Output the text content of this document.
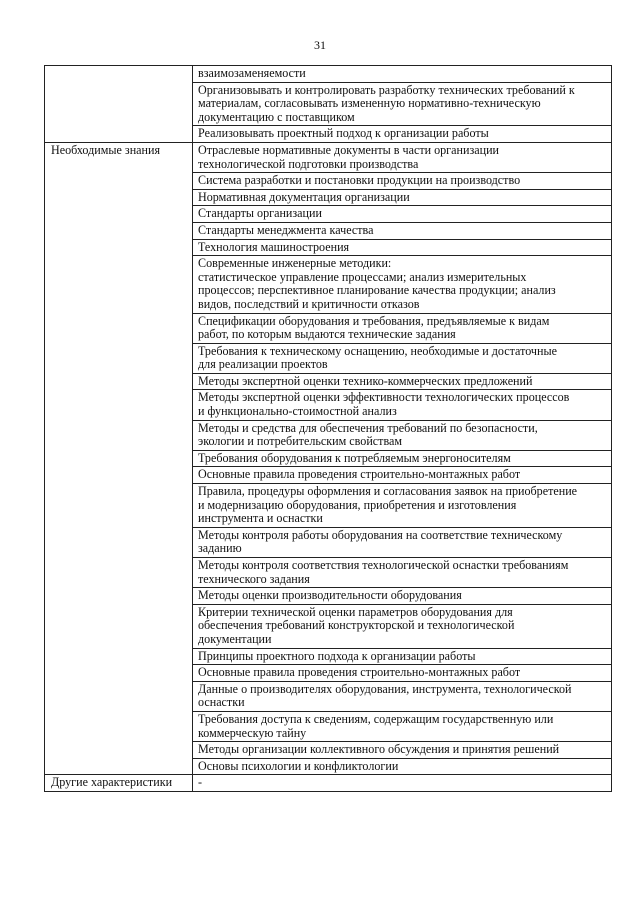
31

	взаимозаменяемости

	Организовывать и контролировать разработку технических требований к
материалам, согласовывать измененную нормативно-техническую
документацию с поставщиком

	Реализовывать проектный подход к организации работы

Необходимые знания	Отраслевые нормативные документы в части организации
технологической подготовки производства

	Система разработки и постановки продукции на производство

	Нормативная документация организации

	Стандарты организации

	Стандарты менеджмента качества

	Технология машиностроения

	Современные инженерные методики:
статистическое управление процессами; анализ измерительных
процессов; перспективное планирование качества продукции; анализ
видов, последствий и критичности отказов

	Спецификации оборудования и требования, предъявляемые к видам
работ, по которым выдаются технические задания

	Требования к техническому оснащению, необходимые и достаточные
для реализации проектов

	Методы экспертной оценки технико-коммерческих предложений

	Методы экспертной оценки эффективности технологических процессов
и функционально-стоимостной анализ

	Методы и средства для обеспечения требований по безопасности,
экологии и потребительским свойствам

	Требования оборудования к потребляемым энергоносителям

	Основные правила проведения строительно-монтажных работ

	Правила, процедуры оформления и согласования заявок на приобретение
и модернизацию оборудования, приобретения и изготовления
инструмента и оснастки

	Методы контроля работы оборудования на соответствие техническому
заданию

	Методы контроля соответствия технологической оснастки требованиям
технического задания

	Методы оценки производительности оборудования

	Критерии технической оценки параметров оборудования для
обеспечения требований конструкторской и технологической
документации

	Принципы проектного подхода к организации работы

	Основные правила проведения строительно-монтажных работ

	Данные о производителях оборудования, инструмента, технологической
оснастки

	Требования доступа к сведениям, содержащим государственную или
коммерческую тайну

	Методы организации коллективного обсуждения и принятия решений

	Основы психологии и конфликтологии

Другие характеристики	-
